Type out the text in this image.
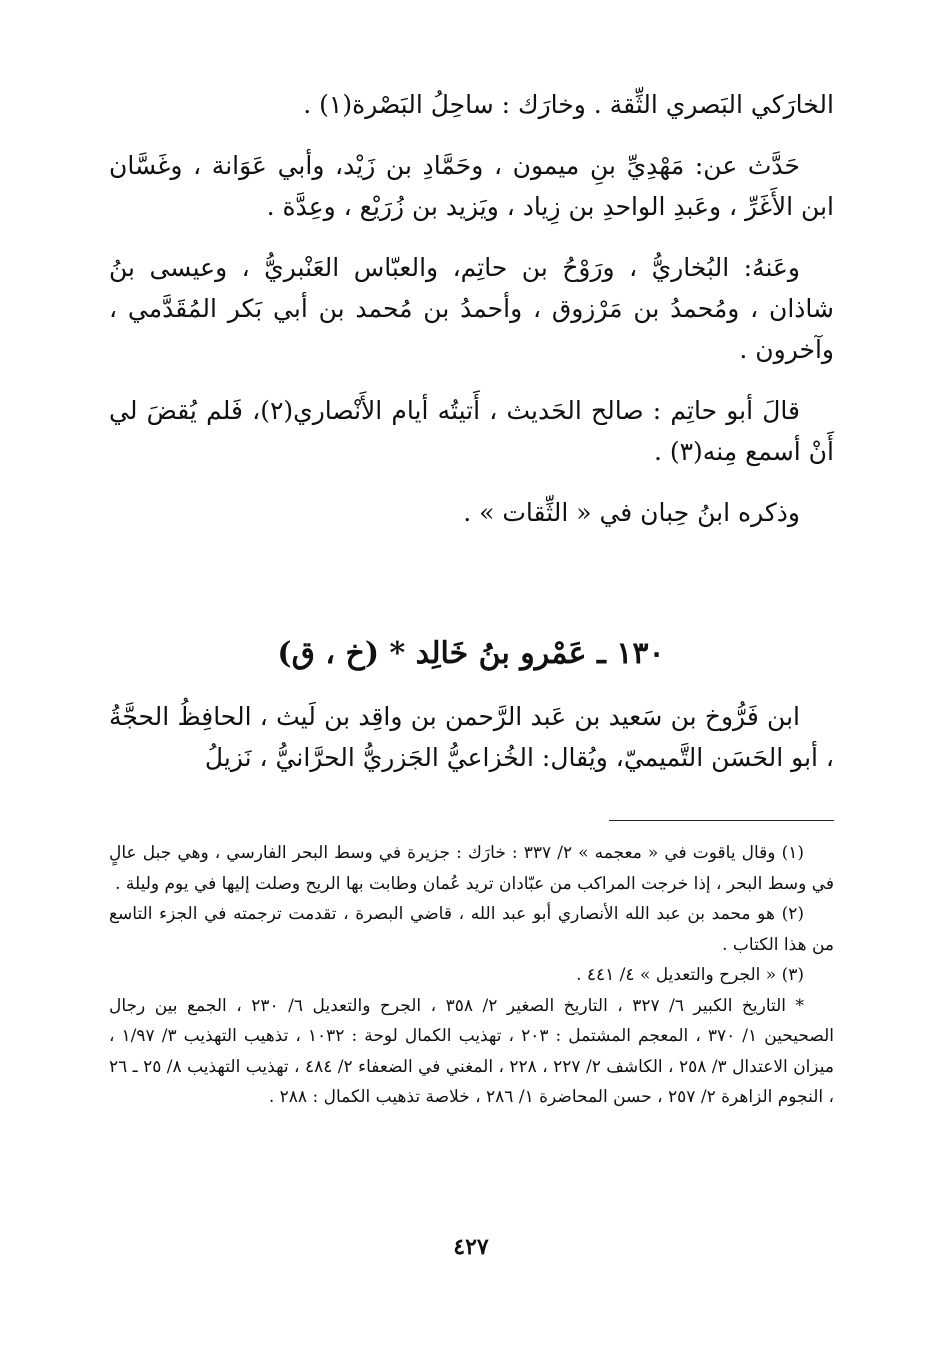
الخارَكي البَصري الثِّقة . وخارَك : ساحِلُ البَصْرة(١) .

حَدَّث عن: مَهْدِيِّ بنِ ميمون ، وحَمَّادِ بن زَيْد، وأبي عَوَانة ، وغَسَّان ابن الأَغَرِّ ، وعَبدِ الواحدِ بن زِياد ، ويَزيد بن زُرَيْع ، وعِدَّة .

وعَنهُ: البُخاريُّ ، ورَوْحُ بن حاتِم، والعبّاس العَنْبريُّ ، وعيسى بنُ شاذان ، ومُحمدُ بن مَرْزوق ، وأحمدُ بن مُحمد بن أبي بَكر المُقَدَّمي ، وآخرون .

قالَ أبو حاتِم : صالح الحَديث ، أَتيتُه أيام الأَنْصاري(٢)، فَلم يُقضَ لي أَنْ أسمع مِنه(٣) .

وذكره ابنُ حِبان في « الثِّقات » .

١٣٠ ـ عَمْرو بنُ خَالِد * (خ ، ق)

ابن فَرُّوخ بن سَعيد بن عَبد الرَّحمن بن واقِد بن لَيث ، الحافِظُ الحجَّةُ ، أبو الحَسَن التَّميميّ، ويُقال: الخُزاعيُّ الجَزريُّ الحرَّانيُّ ، نَزيلُ

(١) وقال ياقوت في « معجمه » ٢/ ٣٣٧ : خارَك : جزيرة في وسط البحر الفارسي ، وهي جبل عالٍ في وسط البحر ، إذا خرجت المراكب من عبّادان تريد عُمان وطابت بها الريح وصلت إليها في يوم وليلة .

(٢) هو محمد بن عبد الله الأنصاري أبو عبد الله ، قاضي البصرة ، تقدمت ترجمته في الجزء التاسع من هذا الكتاب .

(٣) « الجرح والتعديل » ٤/ ٤٤١ .

* التاريخ الكبير ٦/ ٣٢٧ ، التاريخ الصغير ٢/ ٣٥٨ ، الجرح والتعديل ٦/ ٢٣٠ ، الجمع بين رجال الصحيحين ١/ ٣٧٠ ، المعجم المشتمل : ٢٠٣ ، تهذيب الكمال لوحة : ١٠٣٢ ، تذهيب التهذيب ٣/ ١/٩٧ ، ميزان الاعتدال ٣/ ٢٥٨ ، الكاشف ٢/ ٢٢٧ ، ٢٢٨ ، المغني في الضعفاء ٢/ ٤٨٤ ، تهذيب التهذيب ٨/ ٢٥ ـ ٢٦ ، النجوم الزاهرة ٢/ ٢٥٧ ، حسن المحاضرة ١/ ٢٨٦ ، خلاصة تذهيب الكمال : ٢٨٨ .

٤٢٧
